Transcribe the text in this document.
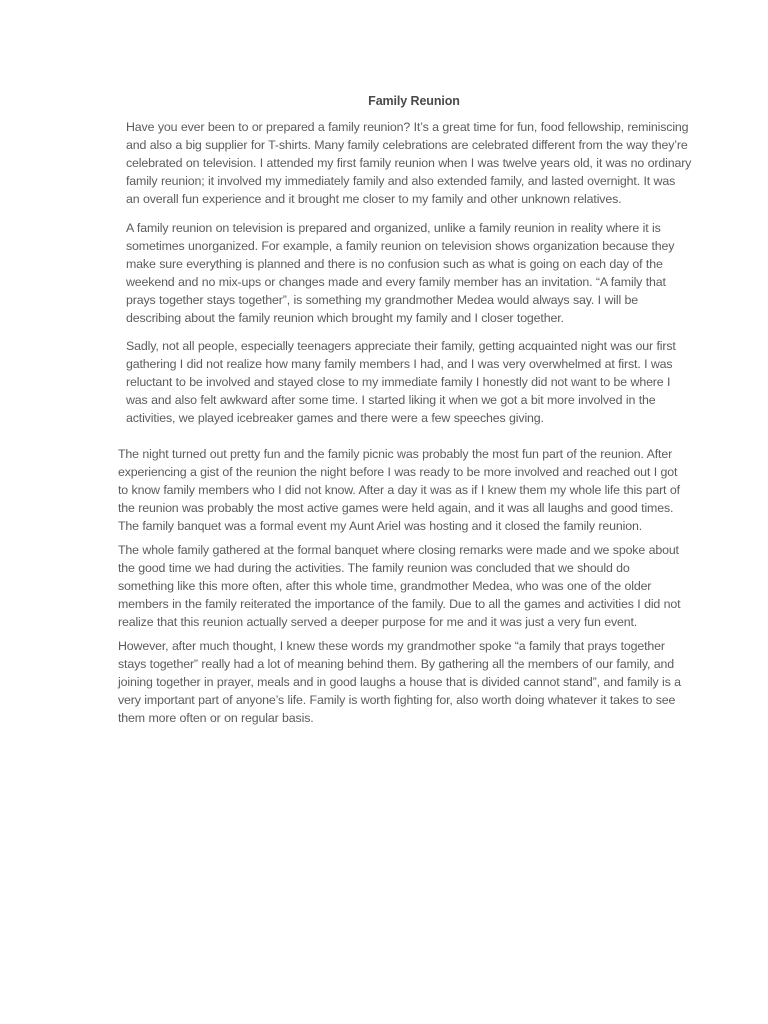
Family Reunion

Have you ever been to or prepared a family reunion? It’s a great time for fun, food fellowship, reminiscing and also a big supplier for T-shirts. Many family celebrations are celebrated different from the way they’re celebrated on television. I attended my first family reunion when I was twelve years old, it was no ordinary family reunion; it involved my immediately family and also extended family, and lasted overnight. It was an overall fun experience and it brought me closer to my family and other unknown relatives.

A family reunion on television is prepared and organized, unlike a family reunion in reality where it is sometimes unorganized. For example, a family reunion on television shows organization because they make sure everything is planned and there is no confusion such as what is going on each day of the weekend and no mix-ups or changes made and every family member has an invitation. “A family that prays together stays together”, is something my grandmother Medea would always say. I will be describing about the family reunion which brought my family and I closer together.

Sadly, not all people, especially teenagers appreciate their family, getting acquainted night was our first gathering I did not realize how many family members I had, and I was very overwhelmed at first. I was reluctant to be involved and stayed close to my immediate family I honestly did not want to be where I was and also felt awkward after some time. I started liking it when we got a bit more involved in the activities, we played icebreaker games and there were a few speeches giving.

The night turned out pretty fun and the family picnic was probably the most fun part of the reunion. After experiencing a gist of the reunion the night before I was ready to be more involved and reached out I got to know family members who I did not know. After a day it was as if I knew them my whole life this part of the reunion was probably the most active games were held again, and it was all laughs and good times. The family banquet was a formal event my Aunt Ariel was hosting and it closed the family reunion.

The whole family gathered at the formal banquet where closing remarks were made and we spoke about the good time we had during the activities. The family reunion was concluded that we should do something like this more often, after this whole time, grandmother Medea, who was one of the older members in the family reiterated the importance of the family. Due to all the games and activities I did not realize that this reunion actually served a deeper purpose for me and it was just a very fun event.

However, after much thought, I knew these words my grandmother spoke “a family that prays together stays together” really had a lot of meaning behind them. By gathering all the members of our family, and joining together in prayer, meals and in good laughs a house that is divided cannot stand”, and family is a very important part of anyone’s life. Family is worth fighting for, also worth doing whatever it takes to see them more often or on regular basis.
